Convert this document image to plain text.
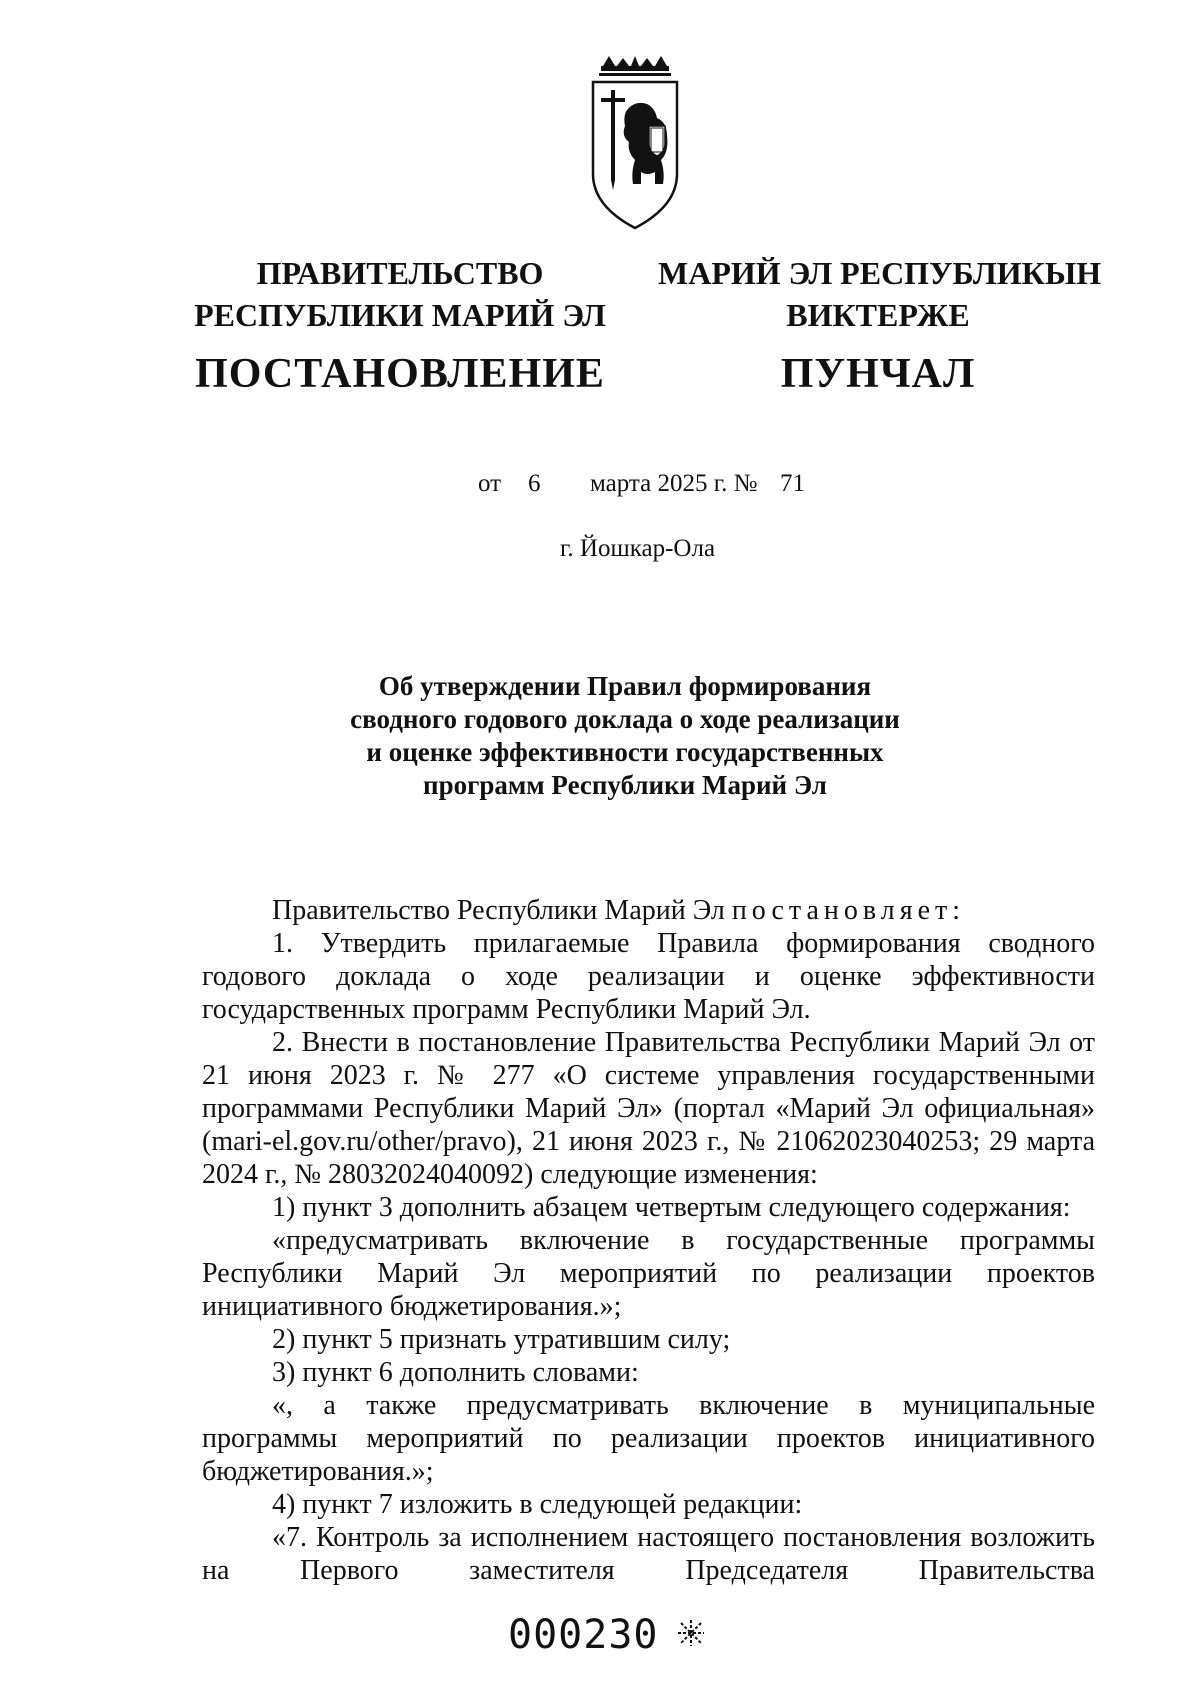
ПРАВИТЕЛЬСТВО
РЕСПУБЛИКИ МАРИЙ ЭЛ
ПОСТАНОВЛЕНИЕ
МАРИЙ ЭЛ РЕСПУБЛИКЫН
ВИКТЕРЖЕ
ПУНЧАЛ
от 6 марта 2025 г. № 71
г. Йошкар-Ола
Об утверждении Правил формирования
сводного годового доклада о ходе реализации
и оценке эффективности государственных
программ Республики Марий Эл

Правительство Республики Марий Эл постановляет:

1. Утвердить прилагаемые Правила формирования сводного годового доклада о ходе реализации и оценке эффективности государственных программ Республики Марий Эл.

2. Внести в постановление Правительства Республики Марий Эл от 21 июня 2023 г. № 277 «О системе управления государственными программами Республики Марий Эл» (портал «Марий Эл официальная» (mari-el.gov.ru/other/pravo), 21 июня 2023 г., № 21062023040253; 29 марта 2024 г., № 28032024040092) следующие изменения:

1) пункт 3 дополнить абзацем четвертым следующего содержания:

«предусматривать включение в государственные программы Республики Марий Эл мероприятий по реализации проектов инициативного бюджетирования.»;

2) пункт 5 признать утратившим силу;

3) пункт 6 дополнить словами:

«, а также предусматривать включение в муниципальные программы мероприятий по реализации проектов инициативного бюджетирования.»;

4) пункт 7 изложить в следующей редакции:

«7. Контроль за исполнением настоящего постановления возложить на Первого заместителя Председателя Правительства

000230
